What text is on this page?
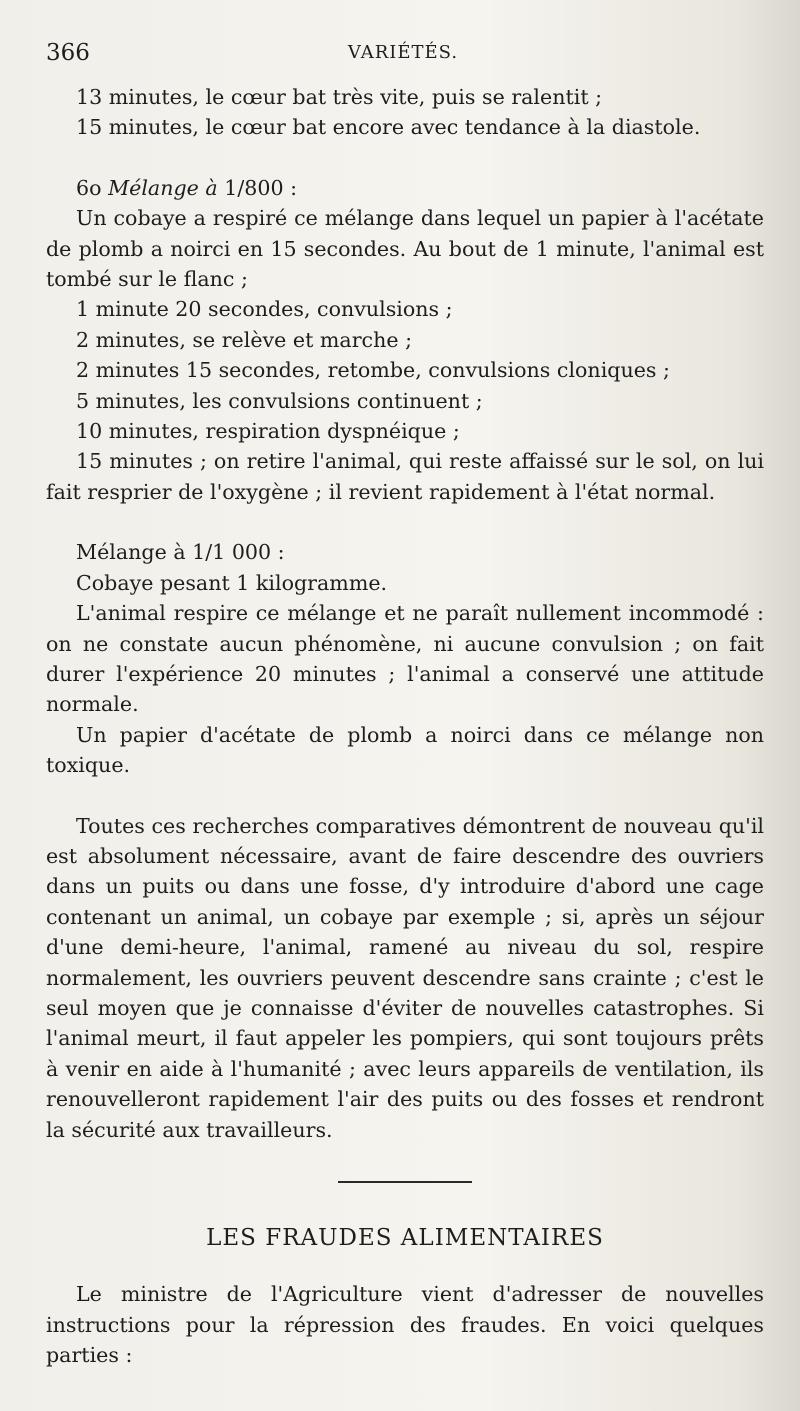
366	VARIÉTÉS.

13 minutes, le cœur bat très vite, puis se ralentit ;

15 minutes, le cœur bat encore avec tendance à la diastole.

6o Mélange à 1/800 :

Un cobaye a respiré ce mélange dans lequel un papier à l'acétate de plomb a noirci en 15 secondes. Au bout de 1 minute, l'animal est tombé sur le flanc ;

1 minute 20 secondes, convulsions ;

2 minutes, se relève et marche ;

2 minutes 15 secondes, retombe, convulsions cloniques ;

5 minutes, les convulsions continuent ;

10 minutes, respiration dyspnéique ;

15 minutes ; on retire l'animal, qui reste affaissé sur le sol, on lui fait resprier de l'oxygène ; il revient rapidement à l'état normal.

Mélange à 1/1 000 :

Cobaye pesant 1 kilogramme.

L'animal respire ce mélange et ne paraît nullement incommodé : on ne constate aucun phénomène, ni aucune convulsion ; on fait durer l'expérience 20 minutes ; l'animal a conservé une attitude normale.

Un papier d'acétate de plomb a noirci dans ce mélange non toxique.

Toutes ces recherches comparatives démontrent de nouveau qu'il est absolument nécessaire, avant de faire descendre des ouvriers dans un puits ou dans une fosse, d'y introduire d'abord une cage contenant un animal, un cobaye par exemple ; si, après un séjour d'une demi-heure, l'animal, ramené au niveau du sol, respire normalement, les ouvriers peuvent descendre sans crainte ; c'est le seul moyen que je connaisse d'éviter de nouvelles catastrophes. Si l'animal meurt, il faut appeler les pompiers, qui sont toujours prêts à venir en aide à l'humanité ; avec leurs appareils de ventilation, ils renouvelleront rapidement l'air des puits ou des fosses et rendront la sécurité aux travailleurs.

LES FRAUDES ALIMENTAIRES

Le ministre de l'Agriculture vient d'adresser de nouvelles instructions pour la répression des fraudes. En voici quelques parties :
